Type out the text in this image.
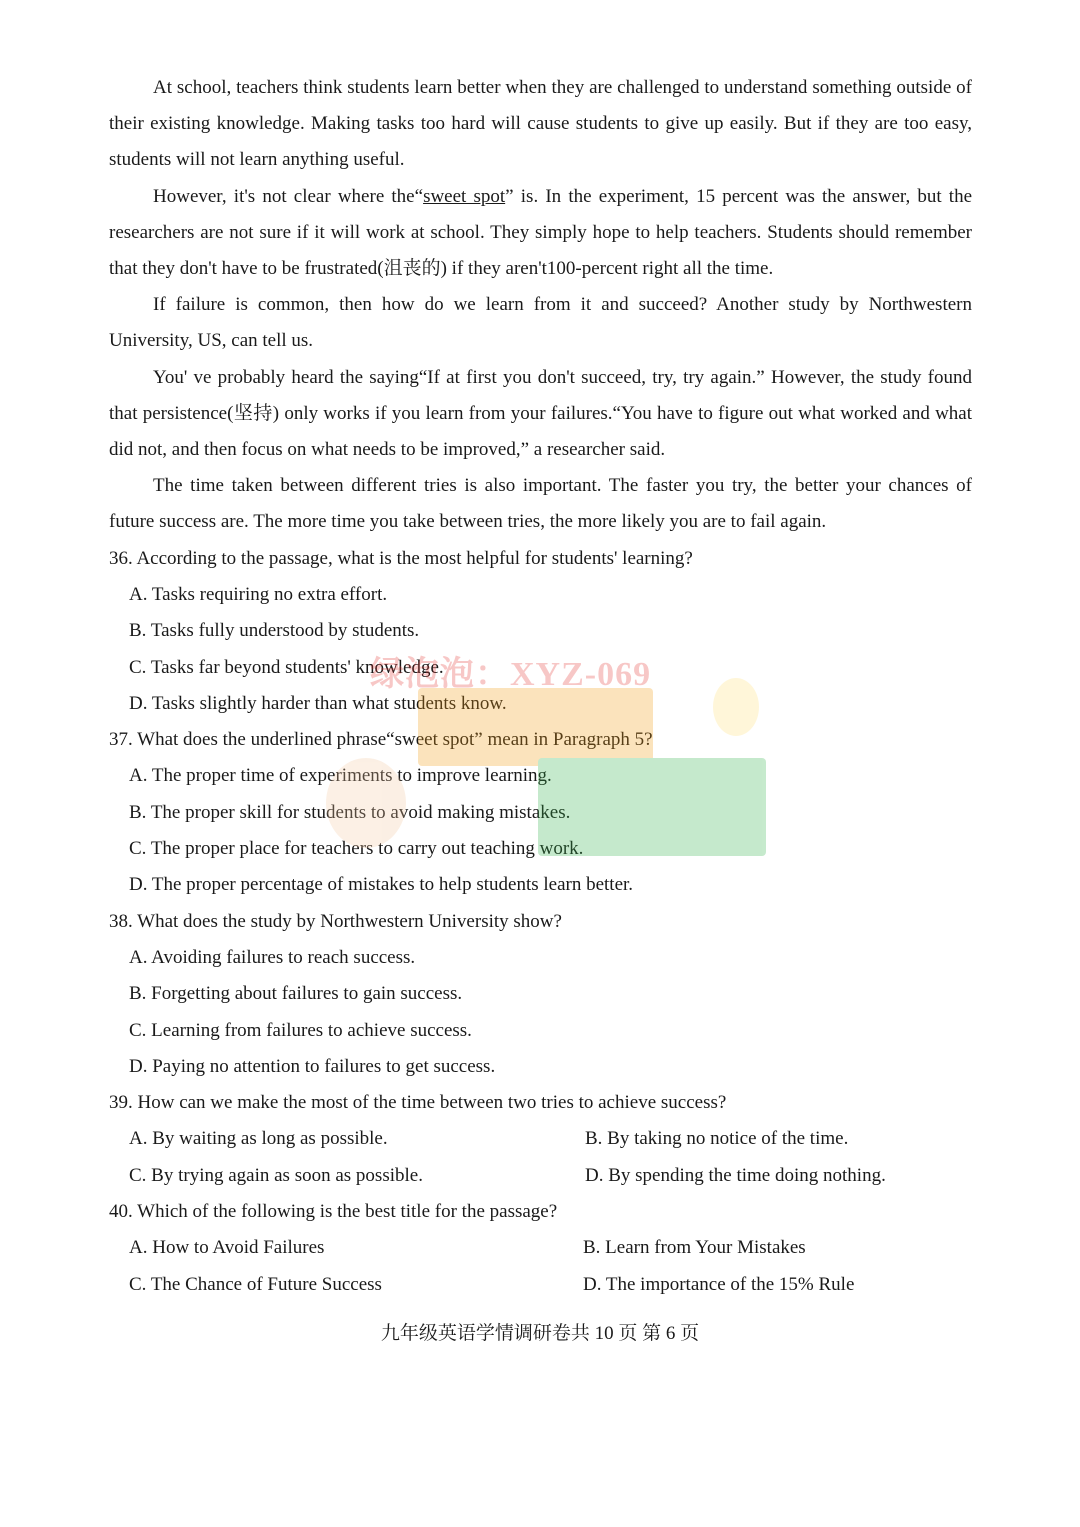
At school, teachers think students learn better when they are challenged to understand something outside of their existing knowledge. Making tasks too hard will cause students to give up easily. But if they are too easy, students will not learn anything useful.

However, it's not clear where the“sweet spot” is. In the experiment, 15 percent was the answer, but the researchers are not sure if it will work at school. They simply hope to help teachers. Students should remember that they don't have to be frustrated(沮丧的) if they aren't100-percent right all the time.

If failure is common, then how do we learn from it and succeed? Another study by Northwestern University, US, can tell us.

You' ve probably heard the saying“If at first you don't succeed, try, try again.” However, the study found that persistence(坚持) only works if you learn from your failures.“You have to figure out what worked and what did not, and then focus on what needs to be improved,” a researcher said.

The time taken between different tries is also important. The faster you try, the better your chances of future success are. The more time you take between tries, the more likely you are to fail again.

36. According to the passage, what is the most helpful for students' learning?

A. Tasks requiring no extra effort.

B. Tasks fully understood by students.

C. Tasks far beyond students' knowledge.

D. Tasks slightly harder than what students know.

37. What does the underlined phrase“sweet spot” mean in Paragraph 5?

A. The proper time of experiments to improve learning.

B. The proper skill for students to avoid making mistakes.

C. The proper place for teachers to carry out teaching work.

D. The proper percentage of mistakes to help students learn better.

38. What does the study by Northwestern University show?

A. Avoiding failures to reach success.

B. Forgetting about failures to gain success.

C. Learning from failures to achieve success.

D. Paying no attention to failures to get success.

39. How can we make the most of the time between two tries to achieve success?

A. By waiting as long as possible.	B. By taking no notice of the time.
C. By trying again as soon as possible.	D. By spending the time doing nothing.

40. Which of the following is the best title for the passage?

A. How to Avoid Failures	B. Learn from Your Mistakes
C. The Chance of Future Success	D. The importance of the 15% Rule
绿泡泡：XYZ-069
九年级英语学情调研卷共 10 页 第 6 页
